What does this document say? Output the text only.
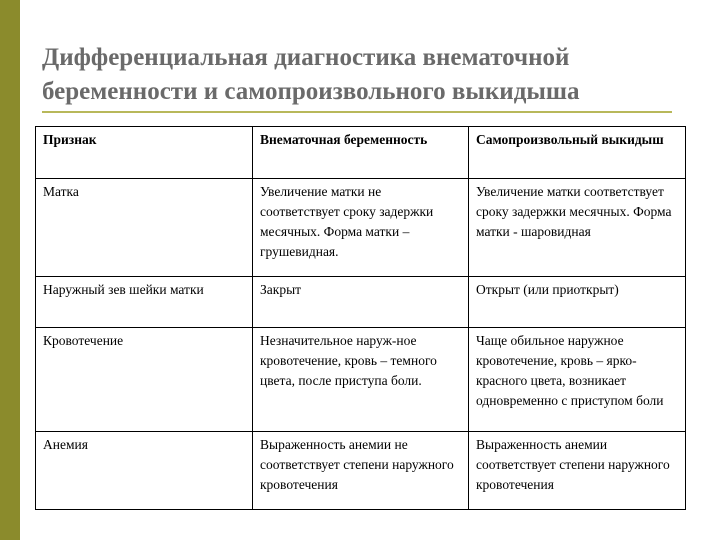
Дифференциальная диагностика внематочной беременности и самопроизвольного выкидыша
Признак	Внематочная беременность	Самопроизвольный выкидыш
Матка	Увеличение матки не соответствует сроку задержки месячных. Форма матки – грушевидная.	Увеличение матки соответствует сроку задержки месячных. Форма матки - шаровидная
Наружный зев шейки матки	Закрыт	Открыт (или приоткрыт)
Кровотечение	Незначительное наруж-ное кровотечение, кровь – темного цвета, после приступа боли.	Чаще обильное наружное кровотечение, кровь – ярко-красного цвета, возникает одновременно с приступом боли
Анемия	Выраженность анемии не соответствует степени наружного кровотечения	Выраженность анемии соответствует степени наружного кровотечения
